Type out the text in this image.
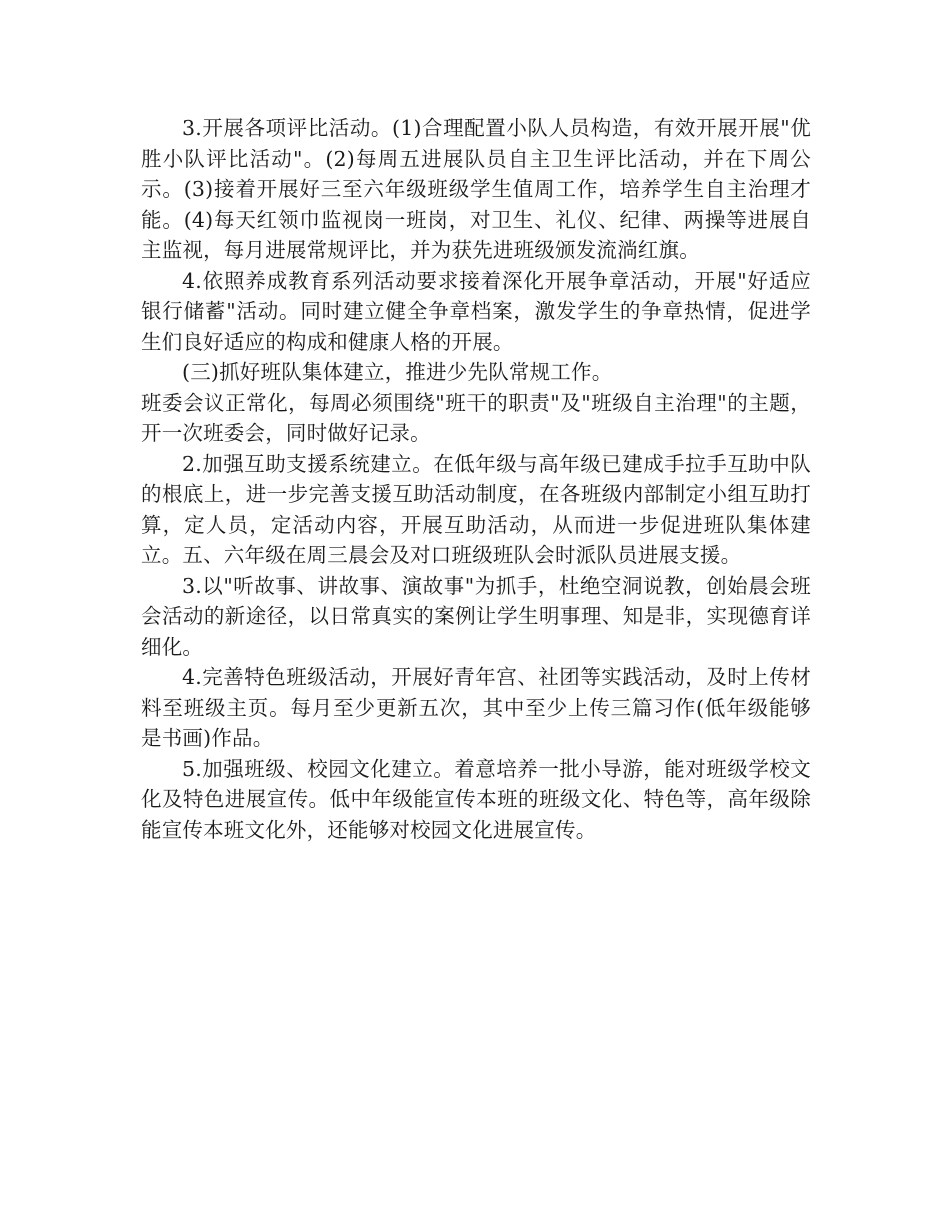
3.开展各项评比活动。(1)合理配置小队人员构造，有效开展开展"优胜小队评比活动"。(2)每周五进展队员自主卫生评比活动，并在下周公示。(3)接着开展好三至六年级班级学生值周工作，培养学生自主治理才能。(4)每天红领巾监视岗一班岗，对卫生、礼仪、纪律、两操等进展自主监视，每月进展常规评比，并为获先进班级颁发流淌红旗。

4.依照养成教育系列活动要求接着深化开展争章活动，开展"好适应银行储蓄"活动。同时建立健全争章档案，激发学生的争章热情，促进学生们良好适应的构成和健康人格的开展。

(三)抓好班队集体建立，推进少先队常规工作。

班委会议正常化，每周必须围绕"班干的职责"及"班级自主治理"的主题，开一次班委会，同时做好记录。

2.加强互助支援系统建立。在低年级与高年级已建成手拉手互助中队的根底上，进一步完善支援互助活动制度，在各班级内部制定小组互助打算，定人员，定活动内容，开展互助活动，从而进一步促进班队集体建立。五、六年级在周三晨会及对口班级班队会时派队员进展支援。

3.以"听故事、讲故事、演故事"为抓手，杜绝空洞说教，创始晨会班会活动的新途径，以日常真实的案例让学生明事理、知是非，实现德育详细化。

4.完善特色班级活动，开展好青年宫、社团等实践活动，及时上传材料至班级主页。每月至少更新五次，其中至少上传三篇习作(低年级能够是书画)作品。

5.加强班级、校园文化建立。着意培养一批小导游，能对班级学校文化及特色进展宣传。低中年级能宣传本班的班级文化、特色等，高年级除能宣传本班文化外，还能够对校园文化进展宣传。
